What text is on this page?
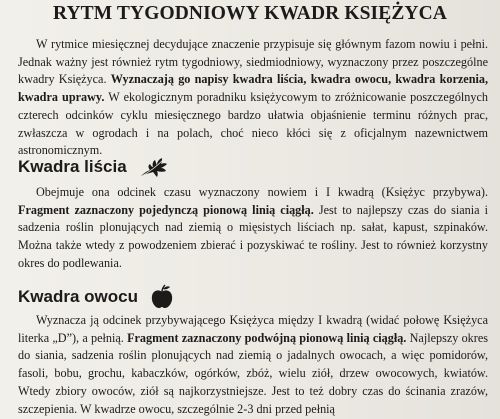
RYTM TYGODNIOWY KWADR KSIĘŻYCA

W rytmice miesięcznej decydujące znaczenie przypisuje się głównym fazom nowiu i pełni. Jednak ważny jest również rytm tygodniowy, siedmiodniowy, wyznaczony przez poszczególne kwadry Księżyca. Wyznaczają go napisy kwadra liścia, kwadra owocu, kwadra korzenia, kwadra uprawy. W ekologicznym poradniku księżycowym to zróżnicowanie poszczególnych czterech odcinków cyklu miesięcznego bardzo ułatwia objaśnienie terminu różnych prac, zwłaszcza w ogrodach i na polach, choć nieco kłóci się z oficjalnym nazewnictwem astronomicznym.

Kwadra liścia

Obejmuje ona odcinek czasu wyznaczony nowiem i I kwadrą (Księżyc przybywa). Fragment zaznaczony pojedynczą pionową linią ciągłą. Jest to najlepszy czas do siania i sadzenia roślin plonujących nad ziemią o mięsistych liściach np. sałat, kapust, szpinaków. Można także wtedy z powodzeniem zbierać i pozyskiwać te rośliny. Jest to również korzystny okres do podlewania.

Kwadra owocu

Wyznacza ją odcinek przybywającego Księżyca między I kwadrą (widać połowę Księżyca literka „D”), a pełnią. Fragment zaznaczony podwójną pionową linią ciągłą. Najlepszy okres do siania, sadzenia roślin plonujących nad ziemią o jadalnych owocach, a więc pomidorów, fasoli, bobu, grochu, kabaczków, ogórków, zbóż, wielu ziół, drzew owocowych, kwiatów. Wtedy zbiory owoców, ziół są najkorzystniejsze. Jest to też dobry czas do ścinania zrazów, szczepienia. W kwadrze owocu, szczególnie 2-3 dni przed pełnią
